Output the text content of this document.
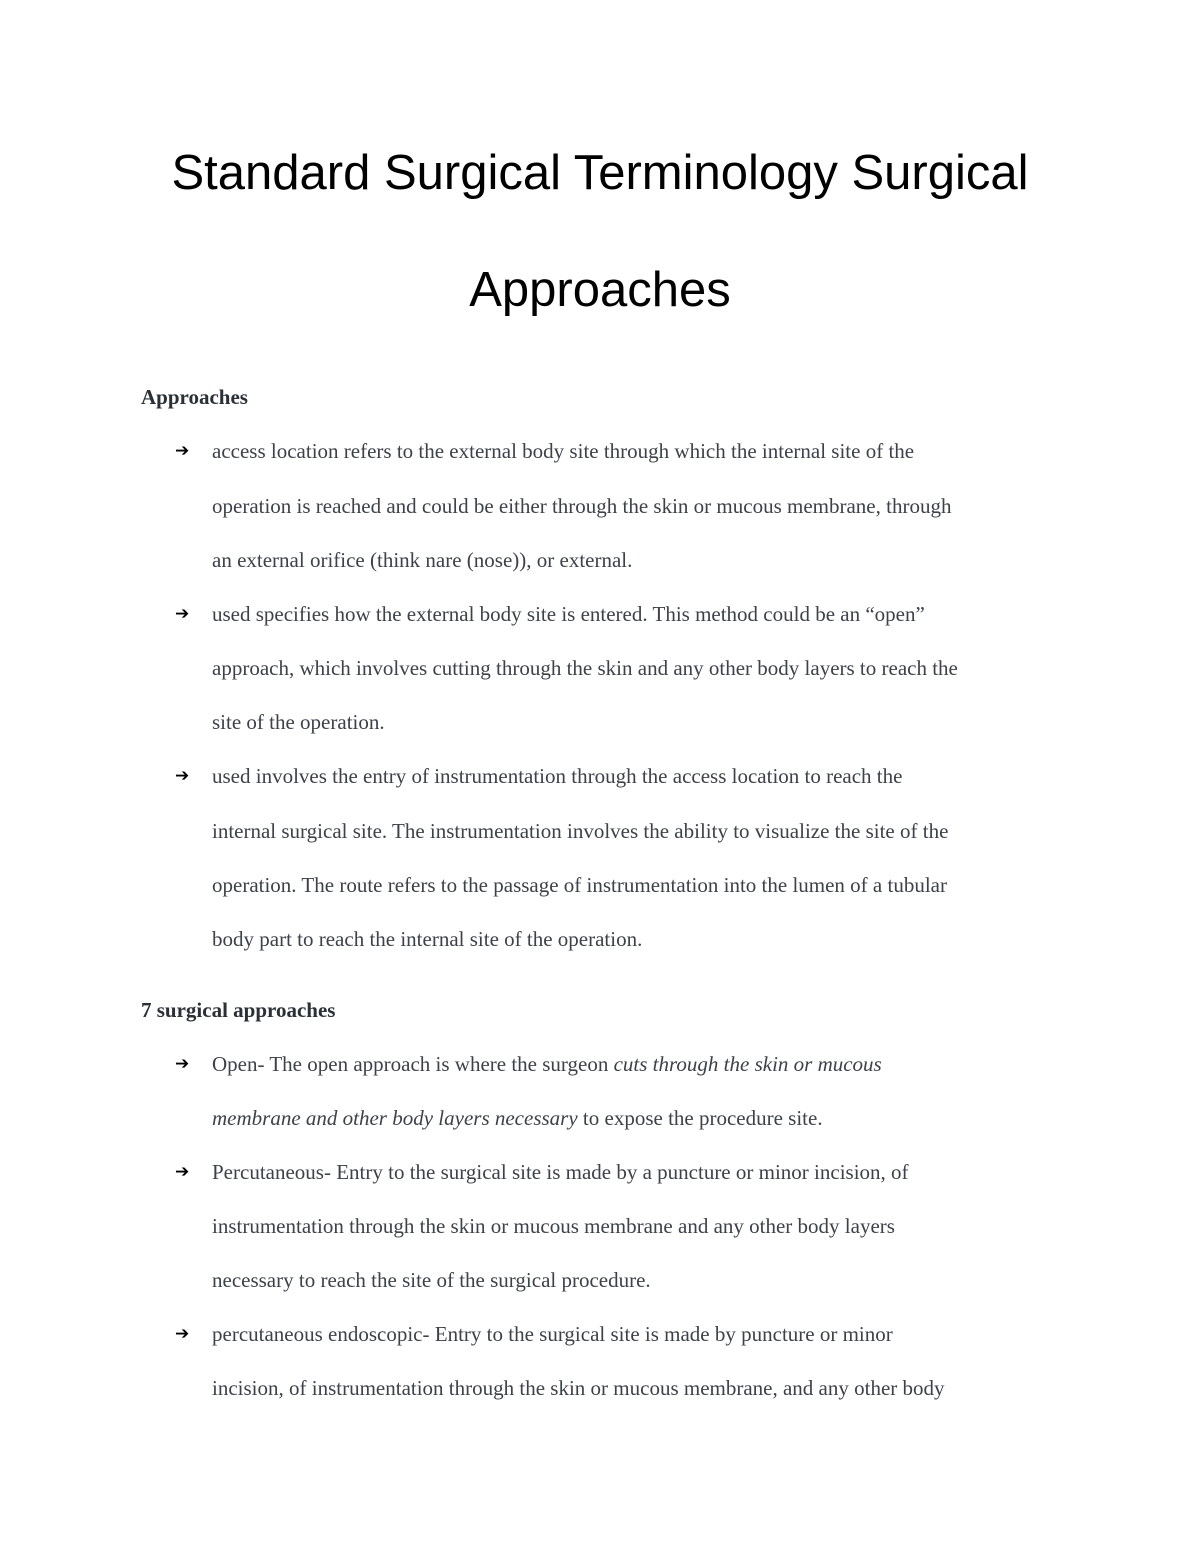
Standard Surgical Terminology Surgical
Approaches
Approaches
➔ access location refers to the external body site through which the internal site of the
operation is reached and could be either through the skin or mucous membrane, through
an external orifice (think nare (nose)), or external.
➔ used specifies how the external body site is entered. This method could be an “open”
approach, which involves cutting through the skin and any other body layers to reach the
site of the operation.
➔ used involves the entry of instrumentation through the access location to reach the
internal surgical site. The instrumentation involves the ability to visualize the site of the
operation. The route refers to the passage of instrumentation into the lumen of a tubular
body part to reach the internal site of the operation.
7 surgical approaches
➔ Open- The open approach is where the surgeon cuts through the skin or mucous
membrane and other body layers necessary to expose the procedure site.
➔ Percutaneous- Entry to the surgical site is made by a puncture or minor incision, of
instrumentation through the skin or mucous membrane and any other body layers
necessary to reach the site of the surgical procedure.
➔ percutaneous endoscopic- Entry to the surgical site is made by puncture or minor
incision, of instrumentation through the skin or mucous membrane, and any other body
